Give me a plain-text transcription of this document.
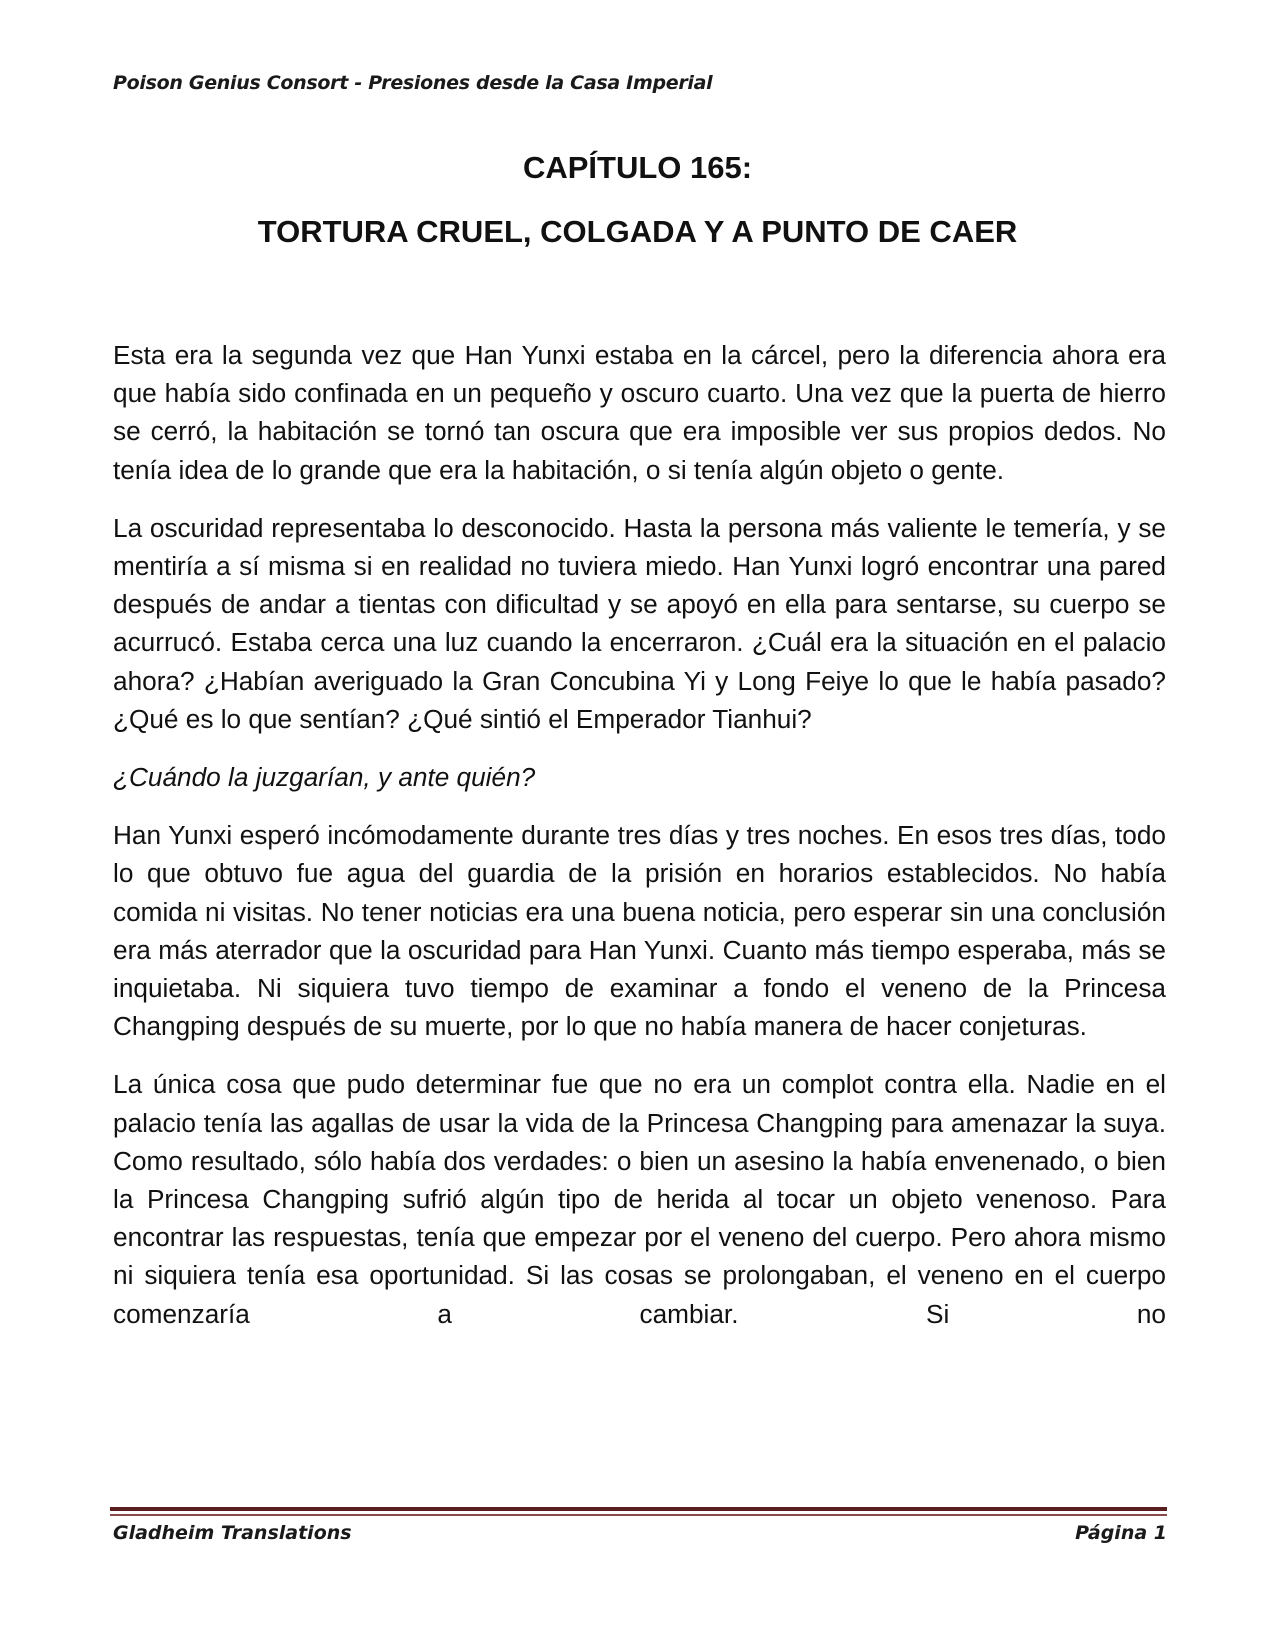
Poison Genius Consort - Presiones desde la Casa Imperial
CAPÍTULO 165:
TORTURA CRUEL, COLGADA Y A PUNTO DE CAER

Esta era la segunda vez que Han Yunxi estaba en la cárcel, pero la diferencia ahora era que había sido confinada en un pequeño y oscuro cuarto. Una vez que la puerta de hierro se cerró, la habitación se tornó tan oscura que era imposible ver sus propios dedos. No tenía idea de lo grande que era la habitación, o si tenía algún objeto o gente.

La oscuridad representaba lo desconocido. Hasta la persona más valiente le temería, y se mentiría a sí misma si en realidad no tuviera miedo. Han Yunxi logró encontrar una pared después de andar a tientas con dificultad y se apoyó en ella para sentarse, su cuerpo se acurrucó. Estaba cerca una luz cuando la encerraron. ¿Cuál era la situación en el palacio ahora? ¿Habían averiguado la Gran Concubina Yi y Long Feiye lo que le había pasado? ¿Qué es lo que sentían? ¿Qué sintió el Emperador Tianhui?

¿Cuándo la juzgarían, y ante quién?

Han Yunxi esperó incómodamente durante tres días y tres noches. En esos tres días, todo lo que obtuvo fue agua del guardia de la prisión en horarios establecidos. No había comida ni visitas. No tener noticias era una buena noticia, pero esperar sin una conclusión era más aterrador que la oscuridad para Han Yunxi. Cuanto más tiempo esperaba, más se inquietaba. Ni siquiera tuvo tiempo de examinar a fondo el veneno de la Princesa Changping después de su muerte, por lo que no había manera de hacer conjeturas.

La única cosa que pudo determinar fue que no era un complot contra ella. Nadie en el palacio tenía las agallas de usar la vida de la Princesa Changping para amenazar la suya. Como resultado, sólo había dos verdades: o bien un asesino la había envenenado, o bien la Princesa Changping sufrió algún tipo de herida al tocar un objeto venenoso. Para encontrar las respuestas, tenía que empezar por el veneno del cuerpo. Pero ahora mismo ni siquiera tenía esa oportunidad. Si las cosas se prolongaban, el veneno en el cuerpo comenzaría a cambiar. Si no

Gladheim Translations	Página 1
